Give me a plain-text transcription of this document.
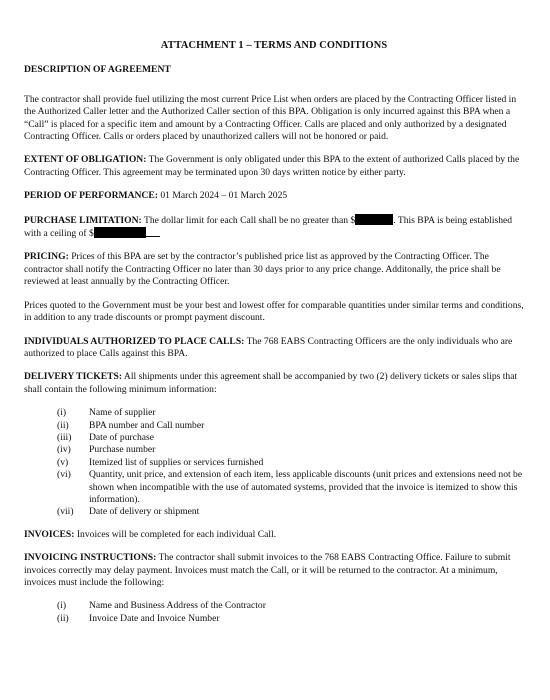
ATTACHMENT 1 – TERMS AND CONDITIONS
DESCRIPTION OF AGREEMENT

The contractor shall provide fuel utilizing the most current Price List when orders are placed by the Contracting Officer listed in the Authorized Caller letter and the Authorized Caller section of this BPA. Obligation is only incurred against this BPA when a “Call” is placed for a specific item and amount by a Contracting Officer. Calls are placed and only authorized by a designated Contracting Officer. Calls or orders placed by unauthorized callers will not be honored or paid.

EXTENT OF OBLIGATION: The Government is only obligated under this BPA to the extent of authorized Calls placed by the Contracting Officer. This agreement may be terminated upon 30 days written notice by either party.

PERIOD OF PERFORMANCE: 01 March 2024 – 01 March 2025

PURCHASE LIMITATION: The dollar limit for each Call shall be no greater than $	. This BPA is being established with a ceiling of $

PRICING: Prices of this BPA are set by the contractor’s published price list as approved by the Contracting Officer. The contractor shall notify the Contracting Officer no later than 30 days prior to any price change. Additonally, the price shall be reviewed at least annually by the Contracting Officer.

Prices quoted to the Government must be your best and lowest offer for comparable quantities under similar terms and conditions, in addition to any trade discounts or prompt payment discount.

INDIVIDUALS AUTHORIZED TO PLACE CALLS: The 768 EABS Contracting Officers are the only individuals who are authorized to place Calls against this BPA.

DELIVERY TICKETS: All shipments under this agreement shall be accompanied by two (2) delivery tickets or sales slips that shall contain the following minimum information:

(i)	Name of supplier
(ii)	BPA number and Call number
(iii)	Date of purchase
(iv)	Purchase number
(v)	Itemized list of supplies or services furnished
(vi)	Quantity, unit price, and extension of each item, less applicable discounts (unit prices and extensions need not be shown when incompatible with the use of automated systems, provided that the invoice is itemized to show this information).
(vii)	Date of delivery or shipment

INVOICES: Invoices will be completed for each individual Call.

INVOICING INSTRUCTIONS: The contractor shall submit invoices to the 768 EABS Contracting Office. Failure to submit invoices correctly may delay payment. Invoices must match the Call, or it will be returned to the contractor. At a minimum, invoices must include the following:

(i)	Name and Business Address of the Contractor
(ii)	Invoice Date and Invoice Number
